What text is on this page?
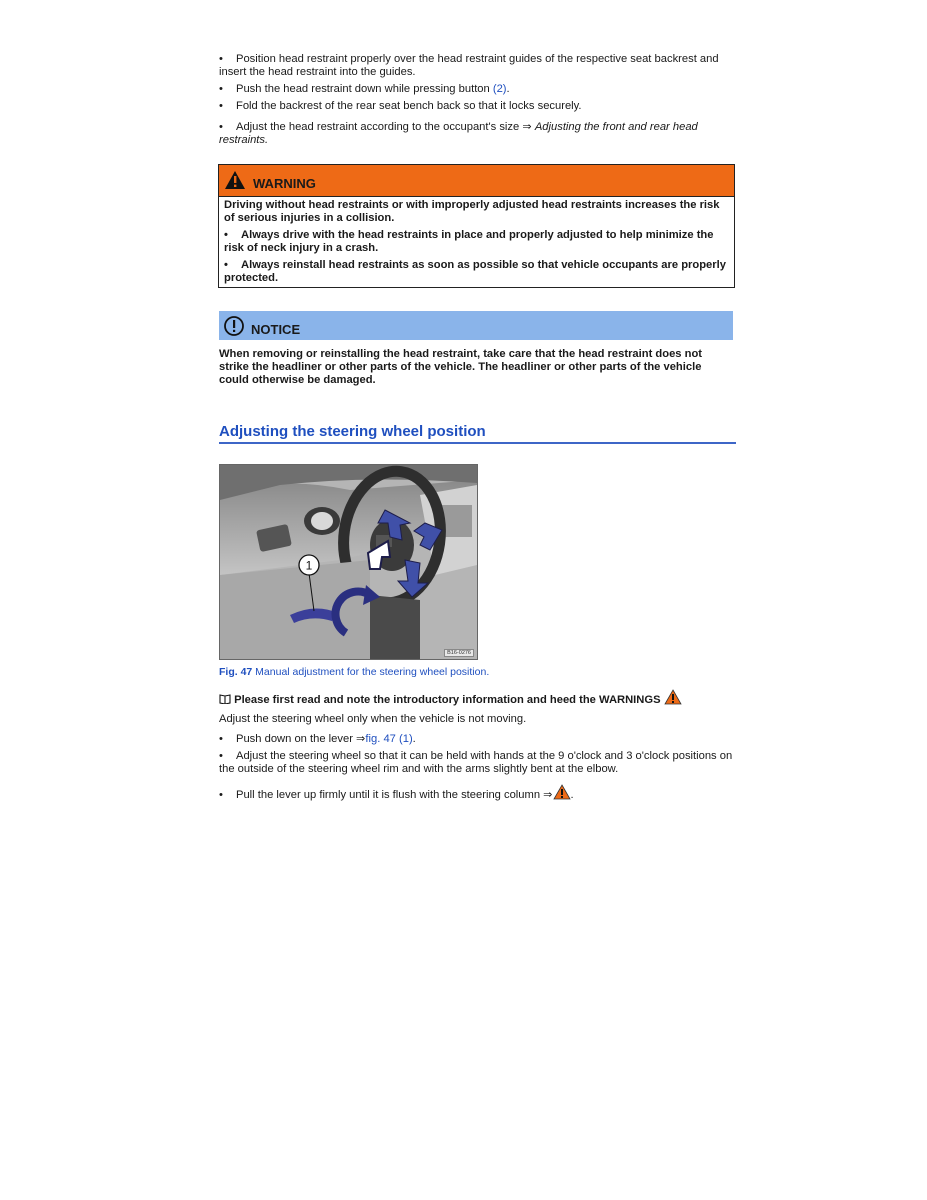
• Position head restraint properly over the head restraint guides of the respective seat backrest and insert the head restraint into the guides.

• Push the head restraint down while pressing button (2).

• Fold the backrest of the rear seat bench back so that it locks securely.

• Adjust the head restraint according to the occupant's size ⇒ Adjusting the front and rear head restraints.

WARNING

Driving without head restraints or with improperly adjusted head restraints increases the risk of serious injuries in a collision.

• Always drive with the head restraints in place and properly adjusted to help minimize the risk of neck injury in a crash.

• Always reinstall head restraints as soon as possible so that vehicle occupants are properly protected.

NOTICE

When removing or reinstalling the head restraint, take care that the head restraint does not strike the headliner or other parts of the vehicle. The headliner or other parts of the vehicle could otherwise be damaged.

Adjusting the steering wheel position
1
B16-0276
Fig. 47 Manual adjustment for the steering wheel position.

Please first read and note the introductory information and heed the WARNINGS

Adjust the steering wheel only when the vehicle is not moving.

• Push down on the lever ⇒fig. 47 (1).

• Adjust the steering wheel so that it can be held with hands at the 9 o'clock and 3 o'clock positions on the outside of the steering wheel rim and with the arms slightly bent at the elbow.

• Pull the lever up firmly until it is flush with the steering column ⇒ .
